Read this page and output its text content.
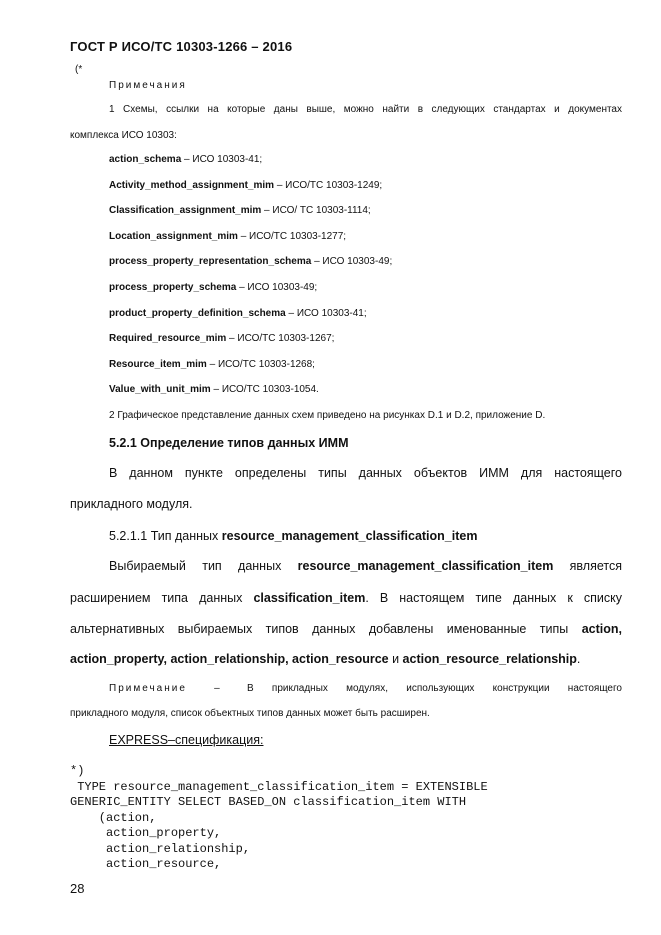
ГОСТ Р ИСО/ТС 10303-1266 – 2016
(*
Примечания
1 Схемы, ссылки на которые даны выше, можно найти в следующих стандартах и документах
комплекса ИСО 10303:
action_schema – ИСО 10303-41;
Activity_method_assignment_mim – ИСО/ТС 10303-1249;
Classification_assignment_mim – ИСО/ ТС 10303-1114;
Location_assignment_mim – ИСО/ТС 10303-1277;
process_property_representation_schema – ИСО 10303-49;
process_property_schema – ИСО 10303-49;
product_property_definition_schema – ИСО 10303-41;
Required_resource_mim – ИСО/ТС 10303-1267;
Resource_item_mim – ИСО/ТС 10303-1268;
Value_with_unit_mim – ИСО/ТС 10303-1054.
2 Графическое представление данных схем приведено на рисунках D.1 и D.2, приложение D.
5.2.1 Определение типов данных ИММ
В данном пункте определены типы данных объектов ИММ для настоящего
прикладного модуля.
5.2.1.1 Тип данных resource_management_classification_item
Выбираемый тип данных resource_management_classification_item является
расширением типа данных classification_item. В настоящем типе данных к списку
альтернативных выбираемых типов данных добавлены именованные типы action,
action_property, action_relationship, action_resource и action_resource_relationship.
Примечание	–	В прикладных модулях, использующих конструкции настоящего
прикладного модуля, список объектных типов данных может быть расширен.
EXPRESS–спецификация:
*)
TYPE resource_management_classification_item = EXTENSIBLE
GENERIC_ENTITY SELECT BASED_ON classification_item WITH
(action,
action_property,
action_relationship,
action_resource,
28
